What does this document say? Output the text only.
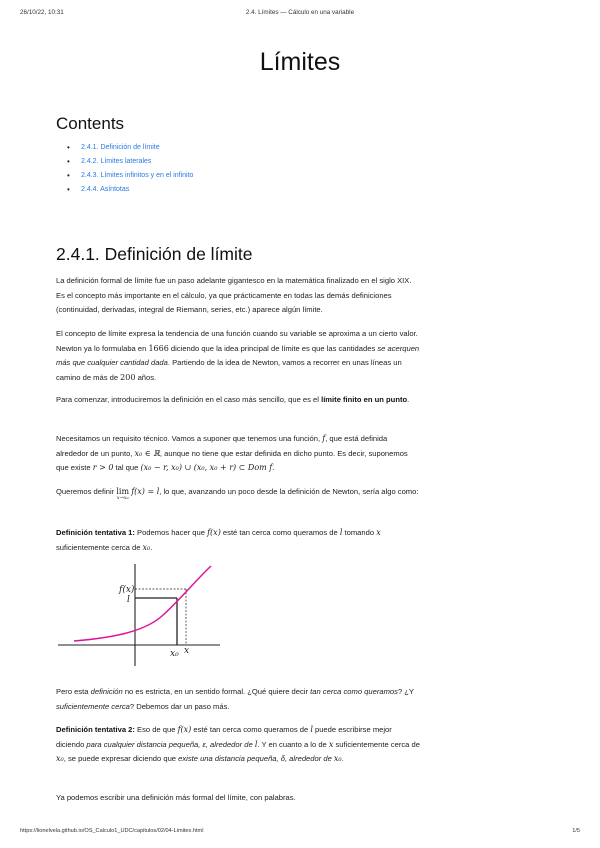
26/10/22, 10:31	2.4. Límites — Cálculo en una variable
Límites
Contents
• 2.4.1. Definición de límite
• 2.4.2. Límites laterales
• 2.4.3. Límites infinitos y en el infinito
• 2.4.4. Asíntotas
2.4.1. Definición de límite

La definición formal de límite fue un paso adelante gigantesco en la matemática finalizado en el siglo XIX. Es el concepto más importante en el cálculo, ya que prácticamente en todas las demás definiciones (continuidad, derivadas, integral de Riemann, series, etc.) aparece algún límite.

El concepto de límite expresa la tendencia de una función cuando su variable se aproxima a un cierto valor. Newton ya lo formulaba en 1666 diciendo que la idea principal de límite es que las cantidades se acerquen más que cualquier cantidad dada. Partiendo de la idea de Newton, vamos a recorrer en unas líneas un camino de más de 200 años.

Para comenzar, introduciremos la definición en el caso más sencillo, que es el límite finito en un punto.

Necesitamos un requisito técnico. Vamos a suponer que tenemos una función, f, que está definida alrededor de un punto, x₀ ∈ ℝ, aunque no tiene que estar definida en dicho punto. Es decir, suponemos que existe r > 0 tal que (x₀ − r, x₀) ∪ (x₀, x₀ + r) ⊂ Dom f.

Queremos definir lim
x→x₀
f(x) = l, lo que, avanzando un poco desde la definición de Newton, sería algo como:

Definición tentativa 1: Podemos hacer que f(x) esté tan cerca como queramos de l tomando x suficientemente cerca de x₀.

f(x)
l
x₀ x

Pero esta definición no es estricta, en un sentido formal. ¿Qué quiere decir tan cerca como queramos? ¿Y suficientemente cerca? Debemos dar un paso más.

Definición tentativa 2: Eso de que f(x) esté tan cerca como queramos de l puede escribirse mejor diciendo para cualquier distancia pequeña, ε, alrededor de l. Y en cuanto a lo de x suficientemente cerca de x₀, se puede expresar diciendo que existe una distancia pequeña, δ, alrededor de x₀.

Ya podemos escribir una definición más formal del límite, con palabras.

https://lionelvela.github.io/OS_Calculo1_UDC/capitulos/02/04-Limites.html	1/5
